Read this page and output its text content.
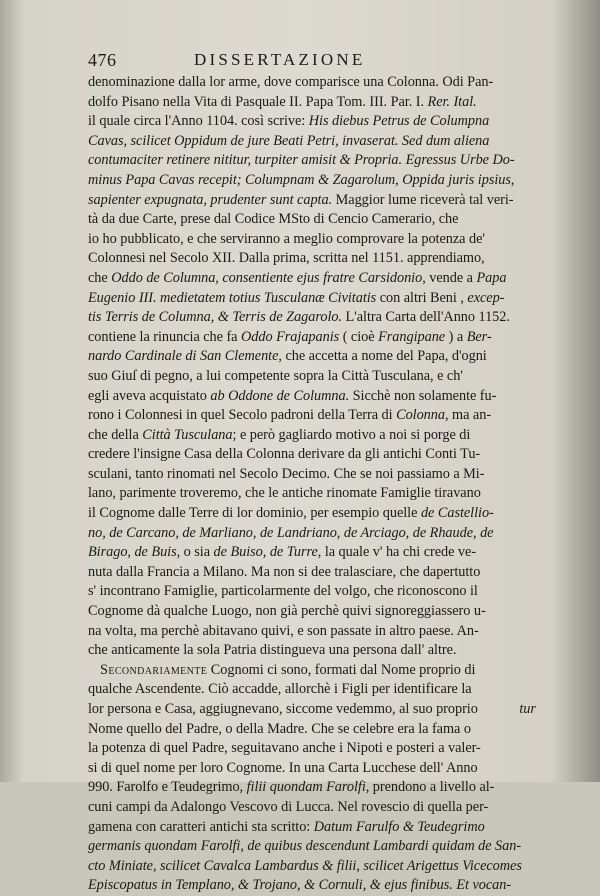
476	DISSERTAZIONE
denominazione dalla lor arme, dove comparisce una Colonna. Odi Pan-
dolfo Pisano nella Vita di Pasquale II. Papa Tom. III. Par. I. Rer. Ital.
il quale circa l'Anno 1104. così scrive: His diebus Petrus de Columpna
Cavas, scilicet Oppidum de jure Beati Petri, invaserat. Sed dum aliena
contumaciter retinere nititur, turpiter amisit & Propria. Egressus Urbe Do-
minus Papa Cavas recepit; Columpnam & Zagarolum, Oppida juris ipsius,
sapienter expugnata, prudenter sunt capta. Maggior lume riceverà tal veri-
tà da due Carte, prese dal Codice MSto di Cencio Camerario, che
io ho pubblicato, e che serviranno a meglio comprovare la potenza de'
Colonnesi nel Secolo XII. Dalla prima, scritta nel 1151. apprendiamo,
che Oddo de Columna, consentiente ejus fratre Carsidonio, vende a Papa
Eugenio III. medietatem totius Tusculanæ Civitatis con altri Beni , excep-
tis Terris de Columna, & Terris de Zagarolo. L'altra Carta dell'Anno 1152.
contiene la rinuncia che fa Oddo Frajapanis ( cioè Frangipane ) a Ber-
nardo Cardinale di San Clemente, che accetta a nome del Papa, d'ogni
suo Giuſ di pegno, a lui competente sopra la Città Tusculana, e ch'
egli aveva acquistato ab Oddone de Columna. Sicchè non solamente fu-
rono i Colonnesi in quel Secolo padroni della Terra di Colonna, ma an-
che della Città Tusculana; e però gagliardo motivo a noi si porge di
credere l'insigne Casa della Colonna derivare da gli antichi Conti Tu-
sculani, tanto rinomati nel Secolo Decimo. Che se noi passiamo a Mi-
lano, parimente troveremo, che le antiche rinomate Famiglie tiravano
il Cognome dalle Terre di lor dominio, per esempio quelle de Castellio-
no, de Carcano, de Marliano, de Landriano, de Arciago, de Rhaude, de
Birago, de Buis, o sia de Buiso, de Turre, la quale v' ha chi crede ve-
nuta dalla Francia a Milano. Ma non si dee tralasciare, che dapertutto
s' incontrano Famiglie, particolarmente del volgo, che riconoscono il
Cognome dà qualche Luogo, non già perchè quivi signoreggiassero u-
na volta, ma perchè abitavano quivi, e son passate in altro paese. An-
che anticamente la sola Patria distingueva una persona dall' altre.
Secondariamente Cognomi ci sono, formati dal Nome proprio di
qualche Ascendente. Ciò accadde, allorchè i Figli per identificare la
lor persona e Casa, aggiugnevano, siccome vedemmo, al suo proprio
Nome quello del Padre, o della Madre. Che se celebre era la fama o
la potenza di quel Padre, seguitavano anche i Nipoti e posteri a valer-
si di quel nome per loro Cognome. In una Carta Lucchese dell' Anno
990. Farolfo e Teudegrimo, filii quondam Farolfi, prendono a livello al-
cuni campi da Adalongo Vescovo di Lucca. Nel rovescio di quella per-
gamena con caratteri antichi sta scritto: Datum Farulfo & Teudegrimo
germanis quondam Farolfi, de quibus descendunt Lambardi quidam de San-
cto Miniate, scilicet Cavalca Lambardus & filii, scilicet Arigettus Vicecomes
Episcopatus in Templano, & Trojano, & Cornuli, & ejus finibus. Et vocan-
tur
